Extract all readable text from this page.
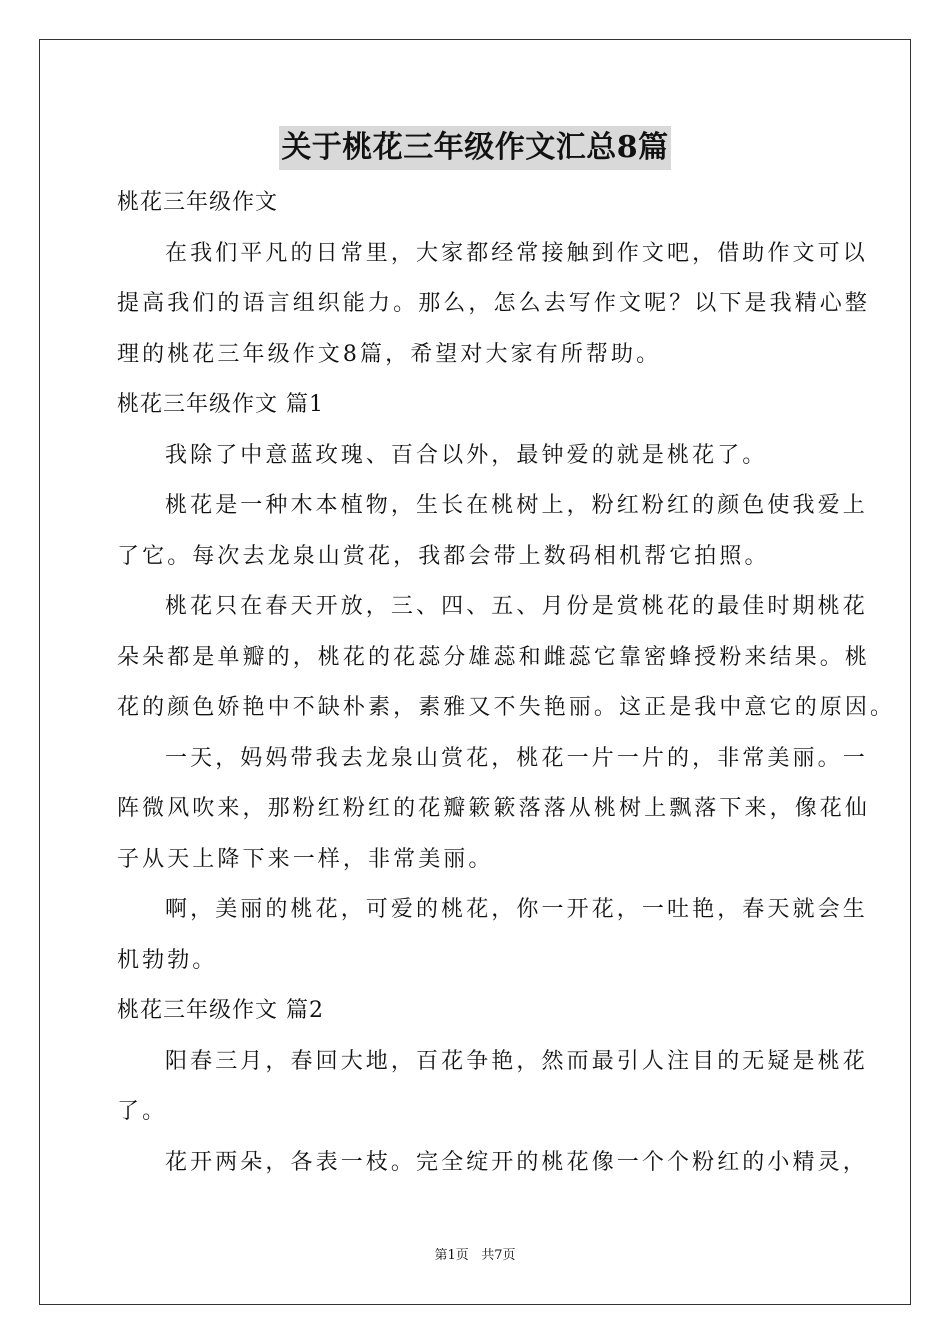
关于桃花三年级作文汇总8篇
桃花三年级作文
在我们平凡的日常里，大家都经常接触到作文吧，借助作文可以
提高我们的语言组织能力。那么，怎么去写作文呢？以下是我精心整
理的桃花三年级作文8篇，希望对大家有所帮助。
桃花三年级作文 篇1
我除了中意蓝玫瑰、百合以外，最钟爱的就是桃花了。
桃花是一种木本植物，生长在桃树上，粉红粉红的颜色使我爱上
了它。每次去龙泉山赏花，我都会带上数码相机帮它拍照。
桃花只在春天开放，三、四、五、月份是赏桃花的最佳时期桃花
朵朵都是单瓣的，桃花的花蕊分雄蕊和雌蕊它靠密蜂授粉来结果。桃
花的颜色娇艳中不缺朴素，素雅又不失艳丽。这正是我中意它的原因。
一天，妈妈带我去龙泉山赏花，桃花一片一片的，非常美丽。一
阵微风吹来，那粉红粉红的花瓣簌簌落落从桃树上飘落下来，像花仙
子从天上降下来一样，非常美丽。
啊，美丽的桃花，可爱的桃花，你一开花，一吐艳，春天就会生
机勃勃。
桃花三年级作文 篇2
阳春三月，春回大地，百花争艳，然而最引人注目的无疑是桃花
了。
花开两朵，各表一枝。完全绽开的桃花像一个个粉红的小精灵，
第1页 共7页
